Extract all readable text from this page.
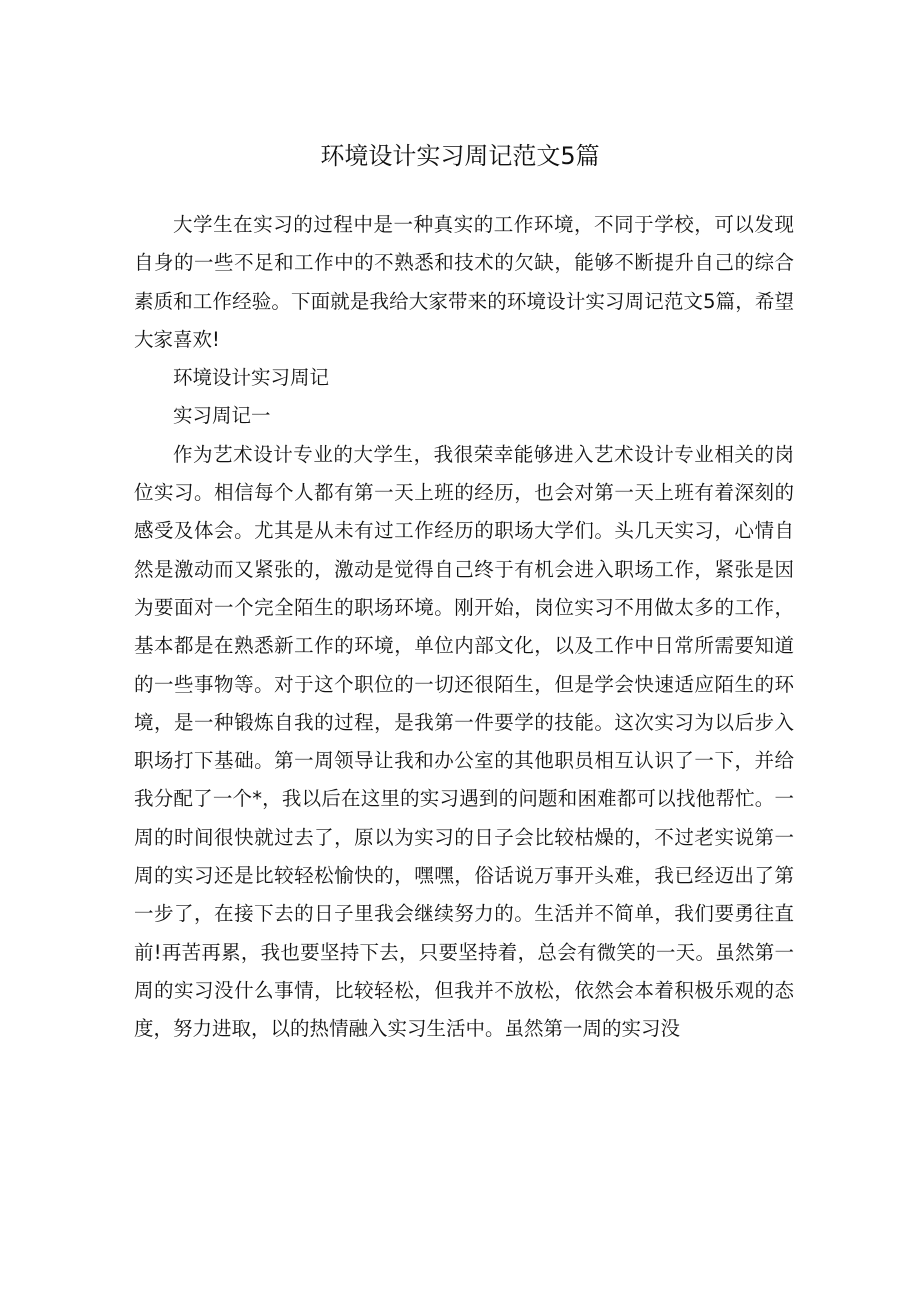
环境设计实习周记范文5篇

大学生在实习的过程中是一种真实的工作环境，不同于学校，可以发现自身的一些不足和工作中的不熟悉和技术的欠缺，能够不断提升自己的综合素质和工作经验。下面就是我给大家带来的环境设计实习周记范文5篇，希望大家喜欢!

环境设计实习周记

实习周记一

作为艺术设计专业的大学生，我很荣幸能够进入艺术设计专业相关的岗位实习。相信每个人都有第一天上班的经历，也会对第一天上班有着深刻的感受及体会。尤其是从未有过工作经历的职场大学们。头几天实习，心情自然是激动而又紧张的，激动是觉得自己终于有机会进入职场工作，紧张是因为要面对一个完全陌生的职场环境。刚开始，岗位实习不用做太多的工作，基本都是在熟悉新工作的环境，单位内部文化，以及工作中日常所需要知道的一些事物等。对于这个职位的一切还很陌生，但是学会快速适应陌生的环境，是一种锻炼自我的过程，是我第一件要学的技能。这次实习为以后步入职场打下基础。第一周领导让我和办公室的其他职员相互认识了一下，并给我分配了一个*，我以后在这里的实习遇到的问题和困难都可以找他帮忙。一周的时间很快就过去了，原以为实习的日子会比较枯燥的，不过老实说第一周的实习还是比较轻松愉快的，嘿嘿，俗话说万事开头难，我已经迈出了第一步了，在接下去的日子里我会继续努力的。生活并不简单，我们要勇往直前!再苦再累，我也要坚持下去，只要坚持着，总会有微笑的一天。虽然第一周的实习没什么事情，比较轻松，但我并不放松，依然会本着积极乐观的态度，努力进取，以的热情融入实习生活中。虽然第一周的实习没
